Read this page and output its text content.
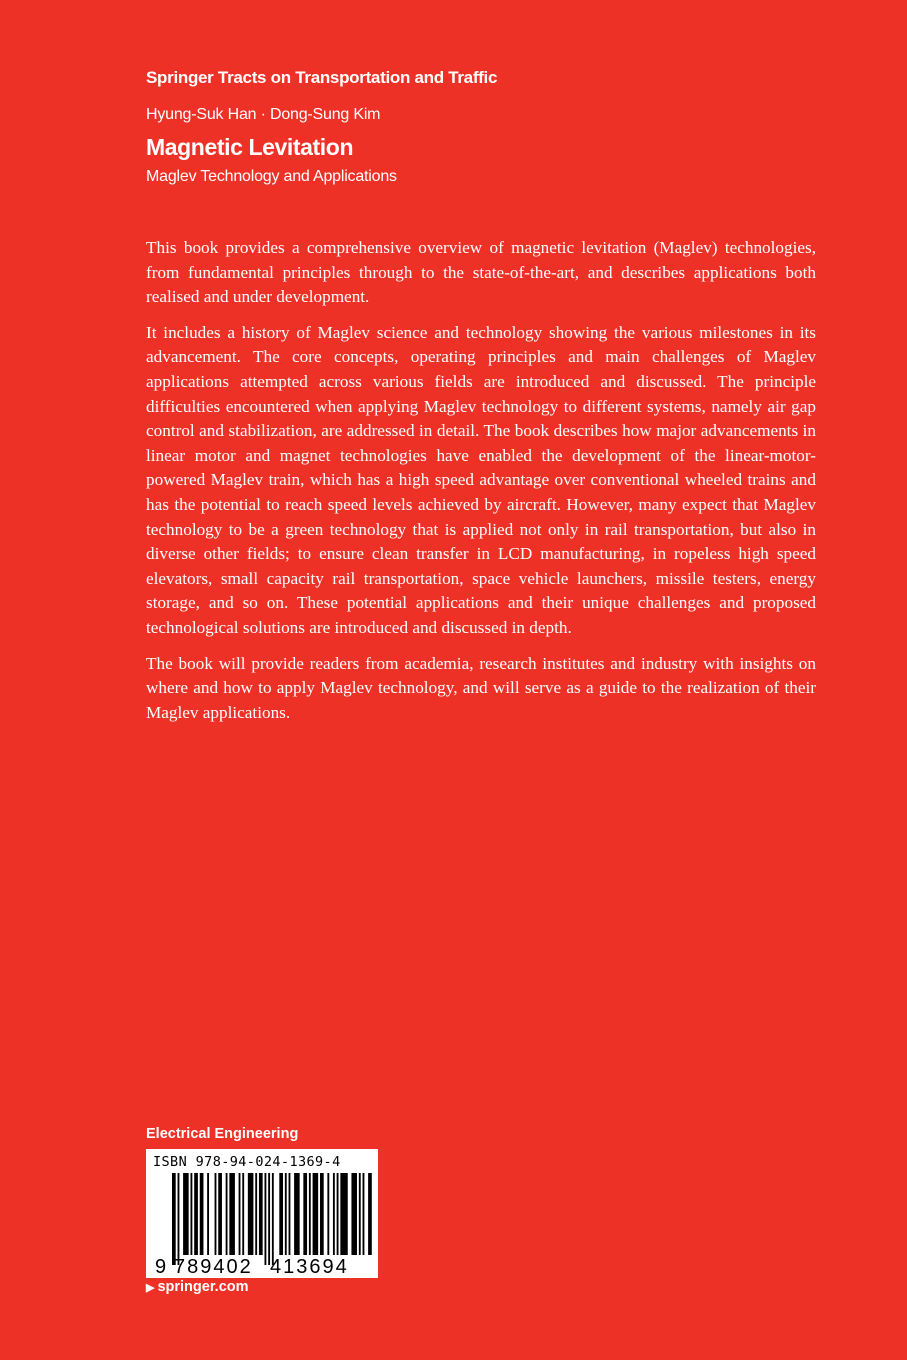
Springer Tracts on Transportation and Traffic
Hyung-Suk Han · Dong-Sung Kim
Magnetic Levitation
Maglev Technology and Applications

This book provides a comprehensive overview of magnetic levitation (Maglev) technologies, from fundamental principles through to the state-of-the-art, and describes applications both realised and under development.

It includes a history of Maglev science and technology showing the various milestones in its advancement. The core concepts, operating principles and main challenges of Maglev applications attempted across various fields are introduced and discussed. The principle difficulties encountered when applying Maglev technology to different systems, namely air gap control and stabilization, are addressed in detail. The book describes how major advancements in linear motor and magnet technologies have enabled the development of the linear-motor-powered Maglev train, which has a high speed advantage over conventional wheeled trains and has the potential to reach speed levels achieved by aircraft. However, many expect that Maglev technology to be a green technology that is applied not only in rail transportation, but also in diverse other fields; to ensure clean transfer in LCD manufacturing, in ropeless high speed elevators, small capacity rail transportation, space vehicle launchers, missile testers, energy storage, and so on. These potential applications and their unique challenges and proposed technological solutions are introduced and discussed in depth.

The book will provide readers from academia, research institutes and industry with insights on where and how to apply Maglev technology, and will serve as a guide to the realization of their Maglev applications.

Electrical Engineering
ISBN 978-94-024-1369-4
9 789402 413694
▶ springer.com
